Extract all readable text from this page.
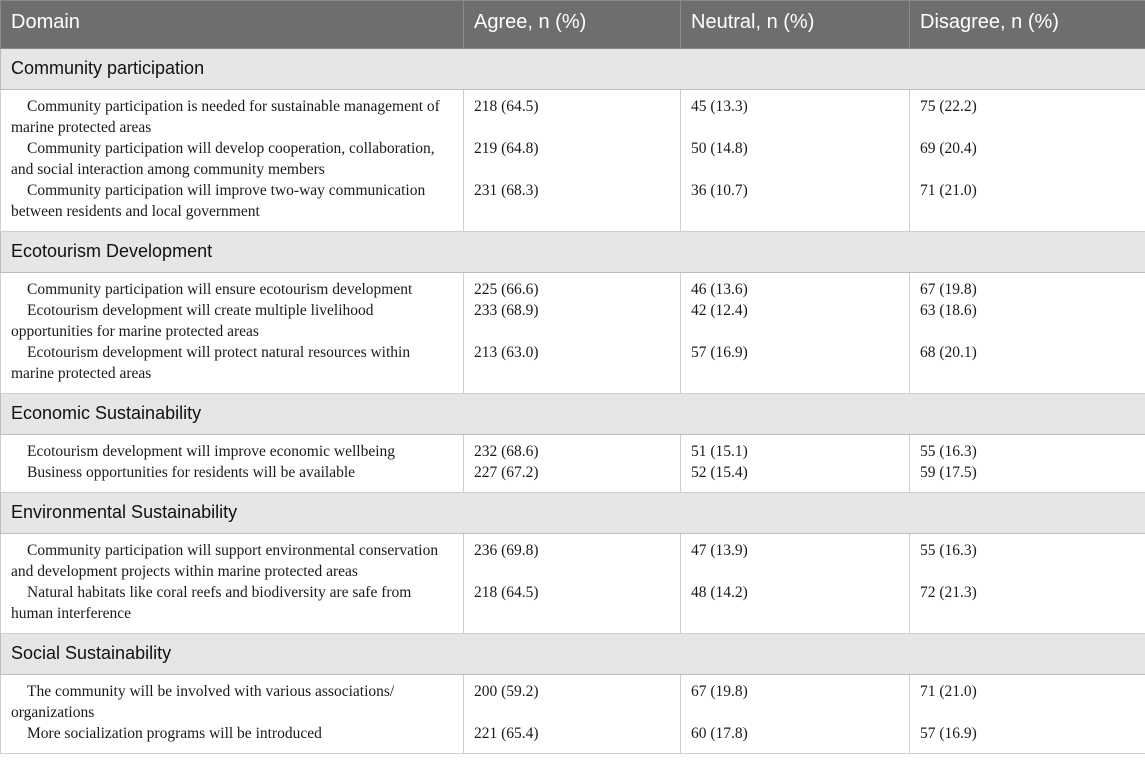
Domain	Agree, n (%)	Neutral, n (%)	Disagree, n (%)
Community participation			
Community participation is needed for sustainable management of marine protected areas	218 (64.5)	45 (13.3)	75 (22.2)
Community participation will develop cooperation, collaboration, and social interaction among community members	219 (64.8)	50 (14.8)	69 (20.4)
Community participation will improve two-way communication between residents and local government	231 (68.3)	36 (10.7)	71 (21.0)
Ecotourism Development			
Community participation will ensure ecotourism development	225 (66.6)	46 (13.6)	67 (19.8)
Ecotourism development will create multiple livelihood opportunities for marine protected areas	233 (68.9)	42 (12.4)	63 (18.6)
Ecotourism development will protect natural resources within marine protected areas	213 (63.0)	57 (16.9)	68 (20.1)
Economic Sustainability			
Ecotourism development will improve economic wellbeing	232 (68.6)	51 (15.1)	55 (16.3)
Business opportunities for residents will be available	227 (67.2)	52 (15.4)	59 (17.5)
Environmental Sustainability			
Community participation will support environmental conservation and development projects within marine protected areas	236 (69.8)	47 (13.9)	55 (16.3)
Natural habitats like coral reefs and biodiversity are safe from human interference	218 (64.5)	48 (14.2)	72 (21.3)
Social Sustainability			
The community will be involved with various associations/ organizations	200 (59.2)	67 (19.8)	71 (21.0)
More socialization programs will be introduced	221 (65.4)	60 (17.8)	57 (16.9)
